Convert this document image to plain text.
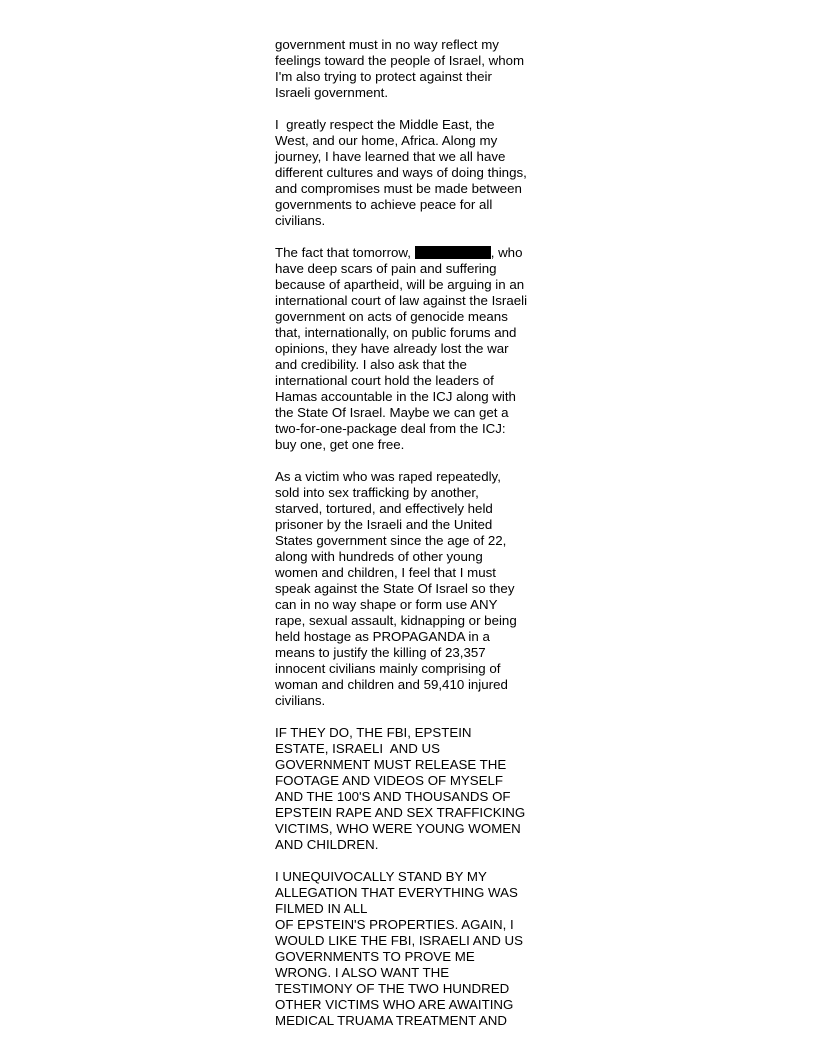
government must in no way reflect my
feelings toward the people of Israel, whom
I'm also trying to protect against their
Israeli government.

I  greatly respect the Middle East, the
West, and our home, Africa. Along my
journey, I have learned that we all have
different cultures and ways of doing things,
and compromises must be made between
governments to achieve peace for all
civilians.

The fact that tomorrow,	, who
have deep scars of pain and suffering
because of apartheid, will be arguing in an
international court of law against the Israeli
government on acts of genocide means
that, internationally, on public forums and
opinions, they have already lost the war
and credibility. I also ask that the
international court hold the leaders of
Hamas accountable in the ICJ along with
the State Of Israel. Maybe we can get a
two-for-one-package deal from the ICJ:
buy one, get one free.

As a victim who was raped repeatedly,
sold into sex trafficking by another,
starved, tortured, and effectively held
prisoner by the Israeli and the United
States government since the age of 22,
along with hundreds of other young
women and children, I feel that I must
speak against the State Of Israel so they
can in no way shape or form use ANY
rape, sexual assault, kidnapping or being
held hostage as PROPAGANDA in a
means to justify the killing of 23,357
innocent civilians mainly comprising of
woman and children and 59,410 injured
civilians.

IF THEY DO, THE FBI, EPSTEIN
ESTATE, ISRAELI  AND US
GOVERNMENT MUST RELEASE THE
FOOTAGE AND VIDEOS OF MYSELF
AND THE 100'S AND THOUSANDS OF
EPSTEIN RAPE AND SEX TRAFFICKING
VICTIMS, WHO WERE YOUNG WOMEN
AND CHILDREN.

I UNEQUIVOCALLY STAND BY MY
ALLEGATION THAT EVERYTHING WAS
FILMED IN ALL
OF EPSTEIN'S PROPERTIES. AGAIN, I
WOULD LIKE THE FBI, ISRAELI AND US
GOVERNMENTS TO PROVE ME
WRONG. I ALSO WANT THE
TESTIMONY OF THE TWO HUNDRED
OTHER VICTIMS WHO ARE AWAITING
MEDICAL TRUAMA TREATMENT AND
